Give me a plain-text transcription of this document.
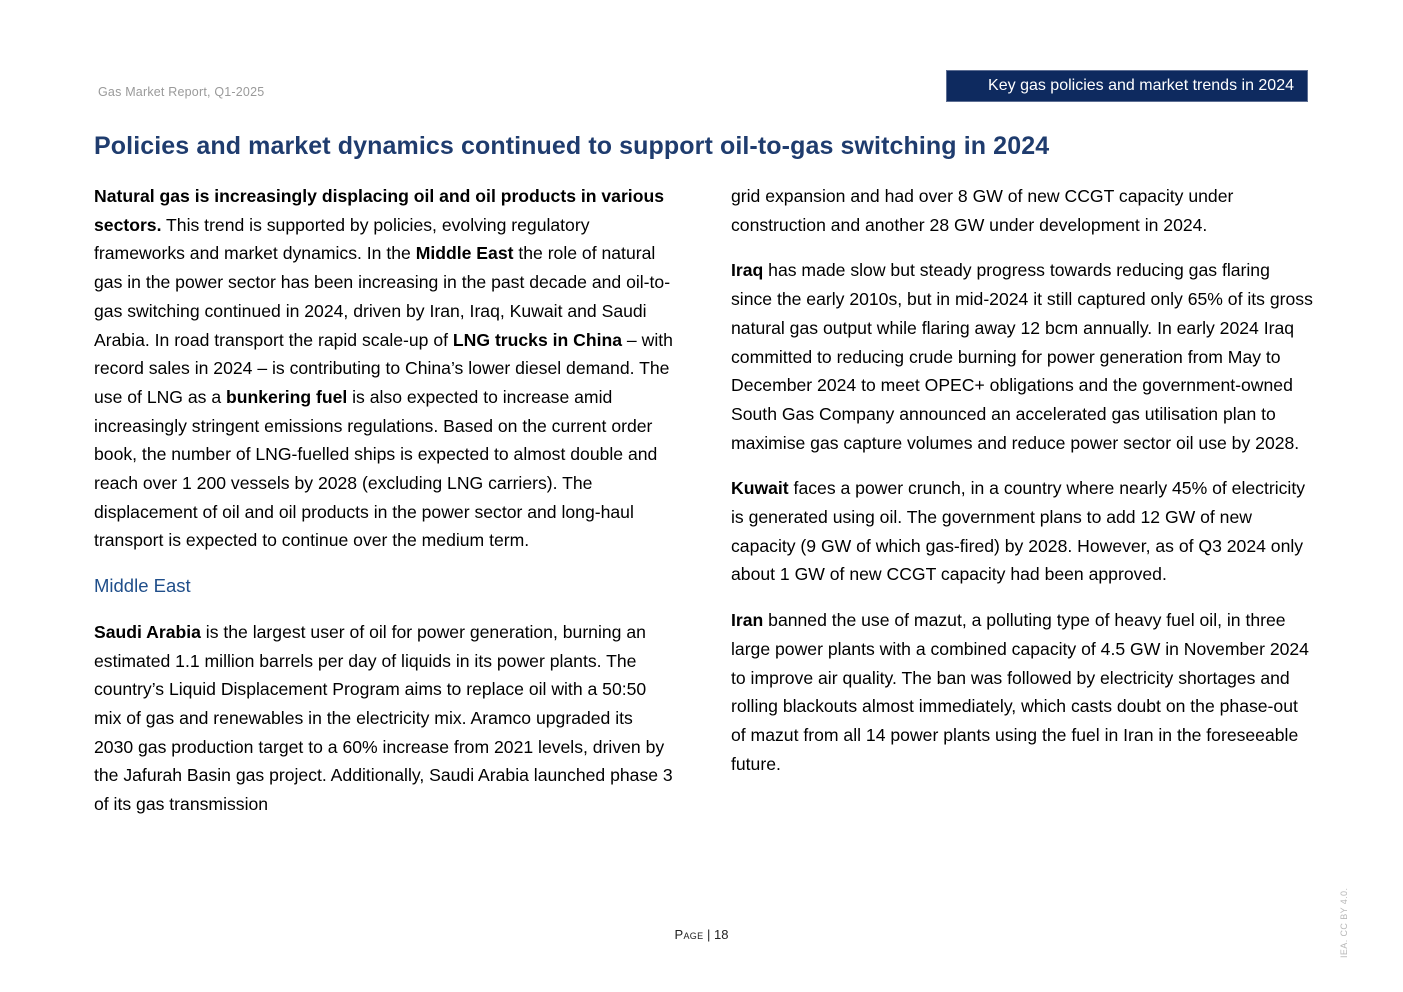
Gas Market Report, Q1-2025	Key gas policies and market trends in 2024
Policies and market dynamics continued to support oil-to-gas switching in 2024

Natural gas is increasingly displacing oil and oil products in various sectors. This trend is supported by policies, evolving regulatory frameworks and market dynamics. In the Middle East the role of natural gas in the power sector has been increasing in the past decade and oil-to-gas switching continued in 2024, driven by Iran, Iraq, Kuwait and Saudi Arabia. In road transport the rapid scale-up of LNG trucks in China – with record sales in 2024 – is contributing to China’s lower diesel demand. The use of LNG as a bunkering fuel is also expected to increase amid increasingly stringent emissions regulations. Based on the current order book, the number of LNG-fuelled ships is expected to almost double and reach over 1 200 vessels by 2028 (excluding LNG carriers). The displacement of oil and oil products in the power sector and long-haul transport is expected to continue over the medium term.

Middle East

Saudi Arabia is the largest user of oil for power generation, burning an estimated 1.1 million barrels per day of liquids in its power plants. The country’s Liquid Displacement Program aims to replace oil with a 50:50 mix of gas and renewables in the electricity mix. Aramco upgraded its 2030 gas production target to a 60% increase from 2021 levels, driven by the Jafurah Basin gas project. Additionally, Saudi Arabia launched phase 3 of its gas transmission

grid expansion and had over 8 GW of new CCGT capacity under construction and another 28 GW under development in 2024.

Iraq has made slow but steady progress towards reducing gas flaring since the early 2010s, but in mid-2024 it still captured only 65% of its gross natural gas output while flaring away 12 bcm annually. In early 2024 Iraq committed to reducing crude burning for power generation from May to December 2024 to meet OPEC+ obligations and the government-owned South Gas Company announced an accelerated gas utilisation plan to maximise gas capture volumes and reduce power sector oil use by 2028.

Kuwait faces a power crunch, in a country where nearly 45% of electricity is generated using oil. The government plans to add 12 GW of new capacity (9 GW of which gas-fired) by 2028. However, as of Q3 2024 only about 1 GW of new CCGT capacity had been approved.

Iran banned the use of mazut, a polluting type of heavy fuel oil, in three large power plants with a combined capacity of 4.5 GW in November 2024 to improve air quality. The ban was followed by electricity shortages and rolling blackouts almost immediately, which casts doubt on the phase-out of mazut from all 14 power plants using the fuel in Iran in the foreseeable future.

Page | 18	IEA. CC BY 4.0.
